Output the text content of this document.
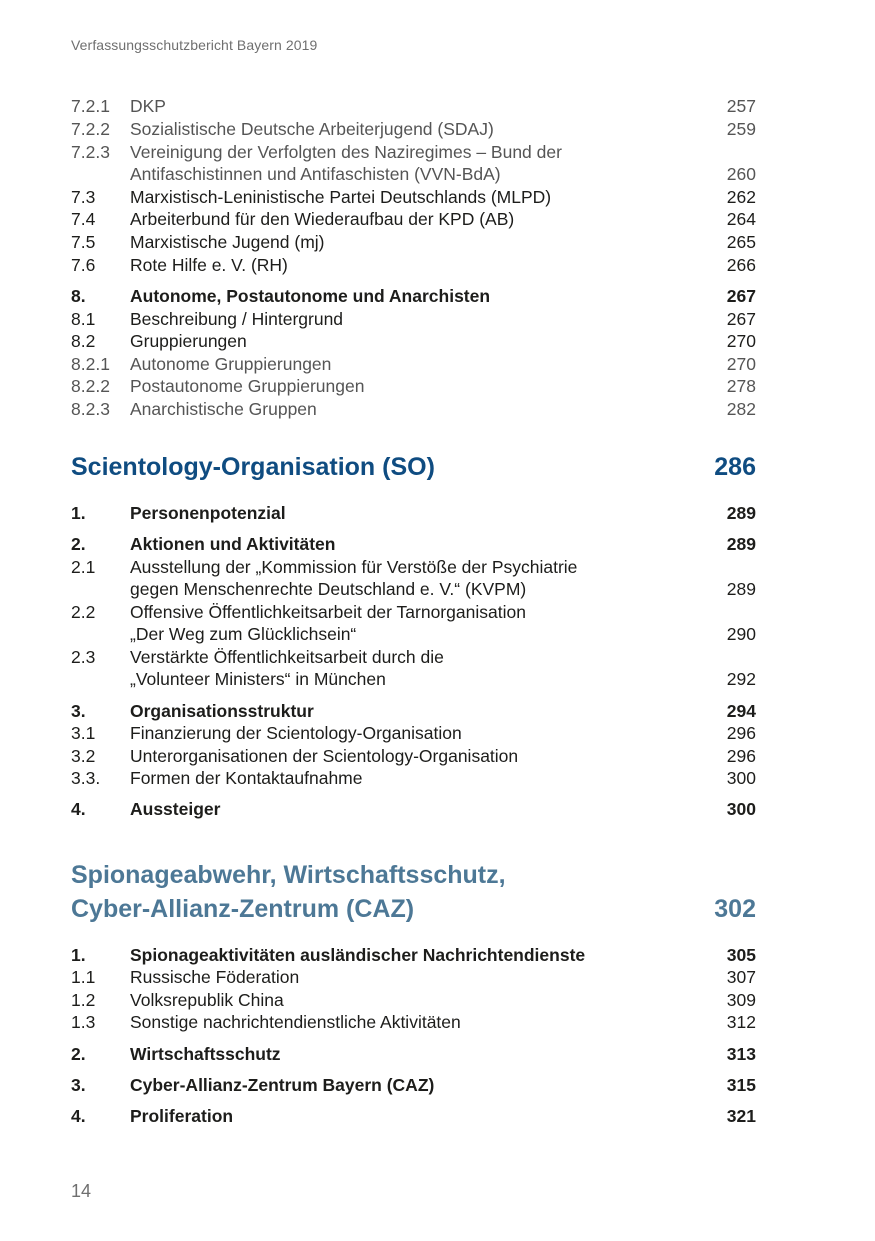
Verfassungsschutzbericht Bayern 2019
7.2.1 DKP	257
7.2.2 Sozialistische Deutsche Arbeiterjugend (SDAJ)	259
7.2.3 Vereinigung der Verfolgten des Naziregimes – Bund der
Antifaschistinnen und Antifaschisten (VVN-BdA)	260
7.3 Marxistisch-Leninistische Partei Deutschlands (MLPD)	262
7.4 Arbeiterbund für den Wiederaufbau der KPD (AB)	264
7.5 Marxistische Jugend (mj)	265
7.6 Rote Hilfe e. V. (RH)	266
8.	Autonome, Postautonome und Anarchisten	267
8.1 Beschreibung / Hintergrund	267
8.2 Gruppierungen	270
8.2.1 Autonome Gruppierungen	270
8.2.2 Postautonome Gruppierungen	278
8.2.3 Anarchistische Gruppen	282
Scientology-Organisation (SO)	286
1.	Personenpotenzial	289
2.	Aktionen und Aktivitäten	289
2.1 Ausstellung der „Kommission für Verstöße der Psychiatrie
gegen Menschenrechte Deutschland e. V.“ (KVPM)	289
2.2 Offensive Öffentlichkeitsarbeit der Tarnorganisation
„Der Weg zum Glücklichsein“	290
2.3 Verstärkte Öffentlichkeitsarbeit durch die
„Volunteer Ministers“ in München	292
3.	Organisationsstruktur	294
3.1 Finanzierung der Scientology-Organisation	296
3.2 Unterorganisationen der Scientology-Organisation	296
3.3. Formen der Kontaktaufnahme	300
4.	Aussteiger	300
Spionageabwehr, Wirtschaftsschutz,
Cyber-Allianz-Zentrum (CAZ)	302
1.	Spionageaktivitäten ausländischer Nachrichtendienste	305
1.1 Russische Föderation	307
1.2 Volksrepublik China	309
1.3 Sonstige nachrichtendienstliche Aktivitäten	312
2.	Wirtschaftsschutz	313
3.	Cyber-Allianz-Zentrum Bayern (CAZ)	315
4.	Proliferation	321
14
